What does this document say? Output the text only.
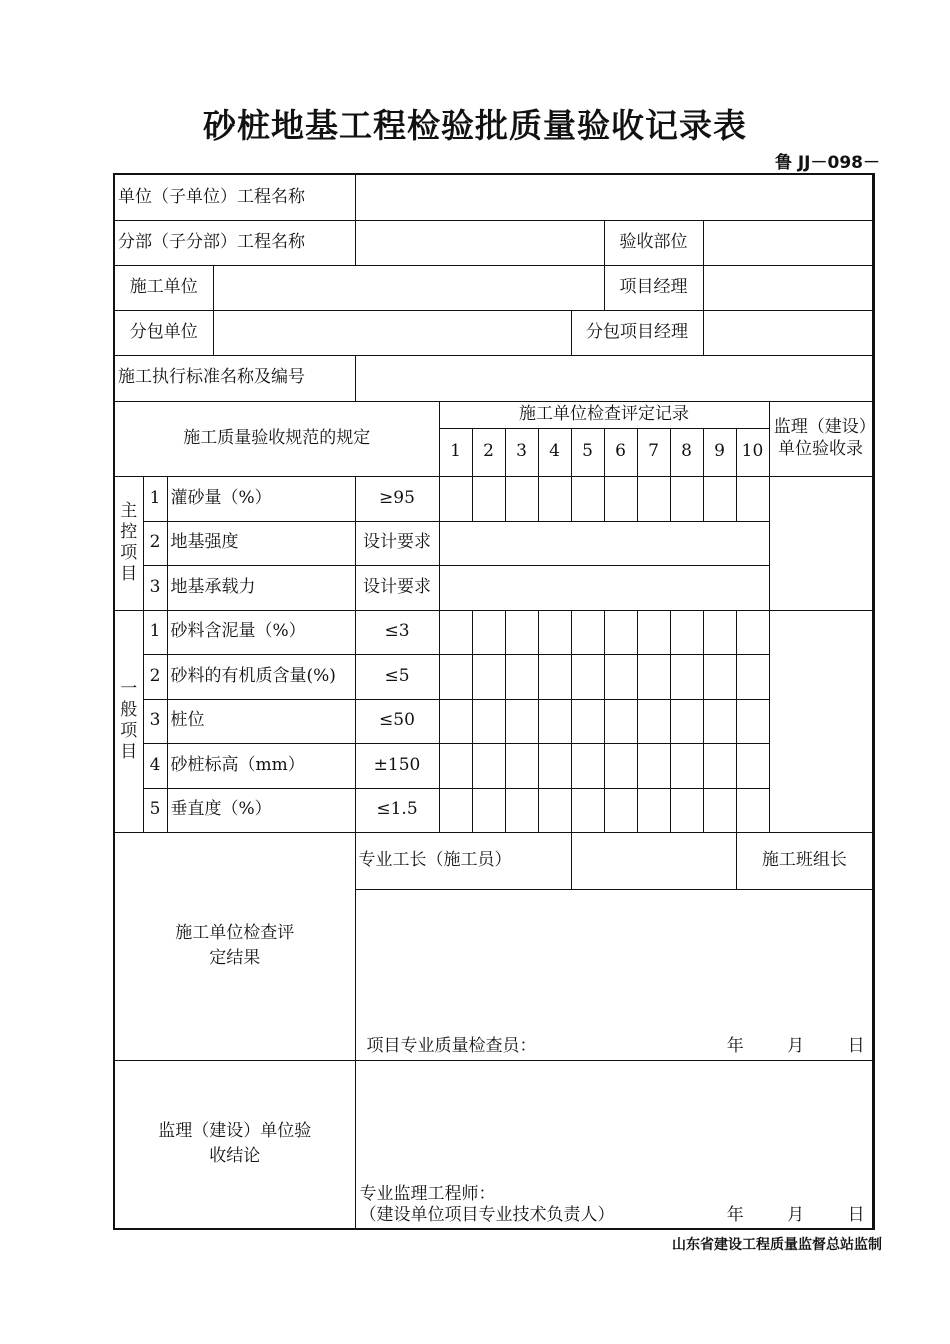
砂桩地基工程检验批质量验收记录表
鲁 JJ－098－
单位（子单位）工程名称																
分部（子分部）工程名称										验收部位						
施工单位										项目经理						
分包单位									分包项目经理							
施工执行标准名称及编号																
施工质量验收规范的规定					施工单位检查评定记录										监理（建设）单位验收录	
					1	2	3	4	5	6	7	8	9	10		
主控项目	1	灌砂量（%）		≥95												
	2	地基强度		设计要求												
	3	地基承载力		设计要求												
一般项目	1	砂料含泥量（%）		≤3												
	2	砂料的有机质含量(%)		≤5												
	3	桩位		≤50												
	4	砂桩标高（mm）		±150												
	5	垂直度（%）		≤1.5												

施工单位检查评定结果				专业工长（施工员）										施工班组长		

				项目专业质量检查员： 年 月 日												

监理（建设）单位验收结论				专业监理工程师：
（建设单位项目专业技术负责人） 年 月 日												
山东省建设工程质量监督总站监制
